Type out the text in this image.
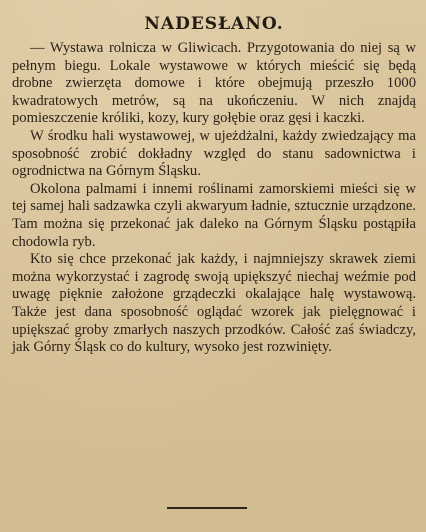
NADESŁANO.

— Wystawa rolnicza w Gliwicach. Przygotowania do niej są w pełnym biegu. Lokale wystawowe w których mieścić się będą drobne zwierzęta domowe i które obejmują przeszło 1000 kwadratowych metrów, są na ukończeniu. W nich znajdą pomieszczenie króliki, kozy, kury gołębie oraz gęsi i kaczki.

W środku hali wystawowej, w ujeżdżalni, każdy zwiedzający ma sposobność zrobić dokładny względ do stanu sadownictwa i ogrodnictwa na Górnym Śląsku.

Okolona palmami i innemi roślinami zamorskiemi mieści się w tej samej hali sadzawka czyli akwaryum ładnie, sztucznie urządzone. Tam można się przekonać jak daleko na Górnym Śląsku postąpiła chodowla ryb.

Kto się chce przekonać jak każdy, i najmniejszy skrawek ziemi można wykorzystać i zagrodę swoją upiększyć niechaj weźmie pod uwagę pięknie założone grządeczki okalające halę wystawową. Także jest dana sposobność oglądać wzorek jak pielęgnować i upiększać groby zmarłych naszych przodków. Całość zaś świadczy, jak Górny Śląsk co do kultury, wysoko jest rozwinięty.
